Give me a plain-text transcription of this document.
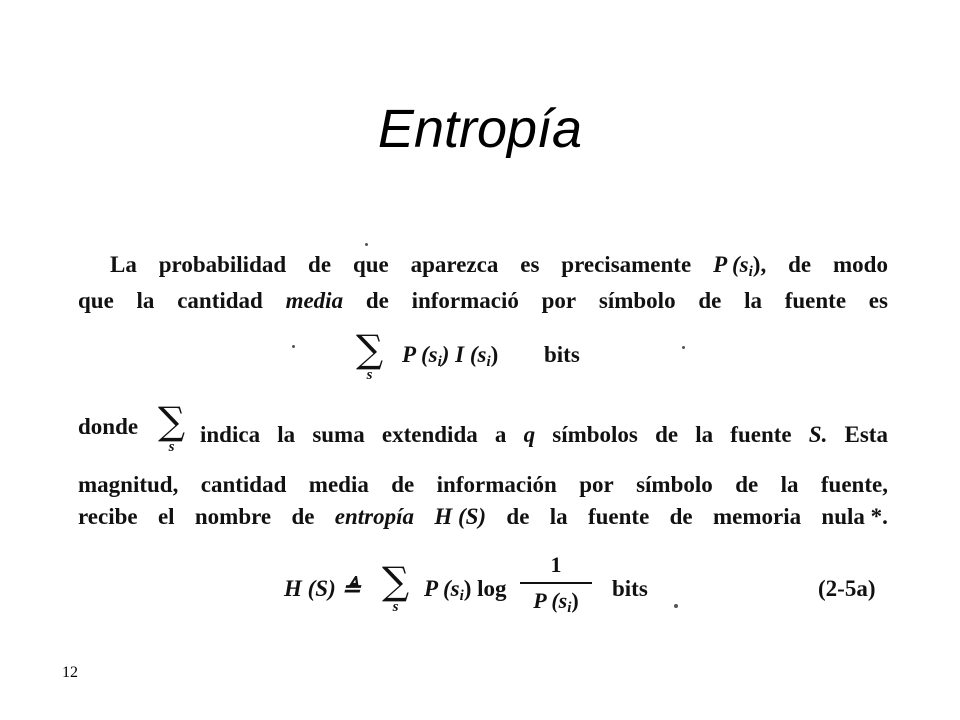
Entropía
La probabilidad de que aparezca es precisamente P (si), de modo
que la cantidad media de informació por símbolo de la fuente es
∑
s
P $(s_i)$ I $(s_i)$ bits
donde ∑
s	indica la suma extendida a q símbolos de la fuente S. Esta
magnitud, cantidad media de información por símbolo de la fuente,
recibe el nombre de entropía H (S) de la fuente de memoria nula *.
H (S) ≜ ∑
s
P $(s_i)$ log
1
P $(s_i)$	bits	(2-5a)
12
